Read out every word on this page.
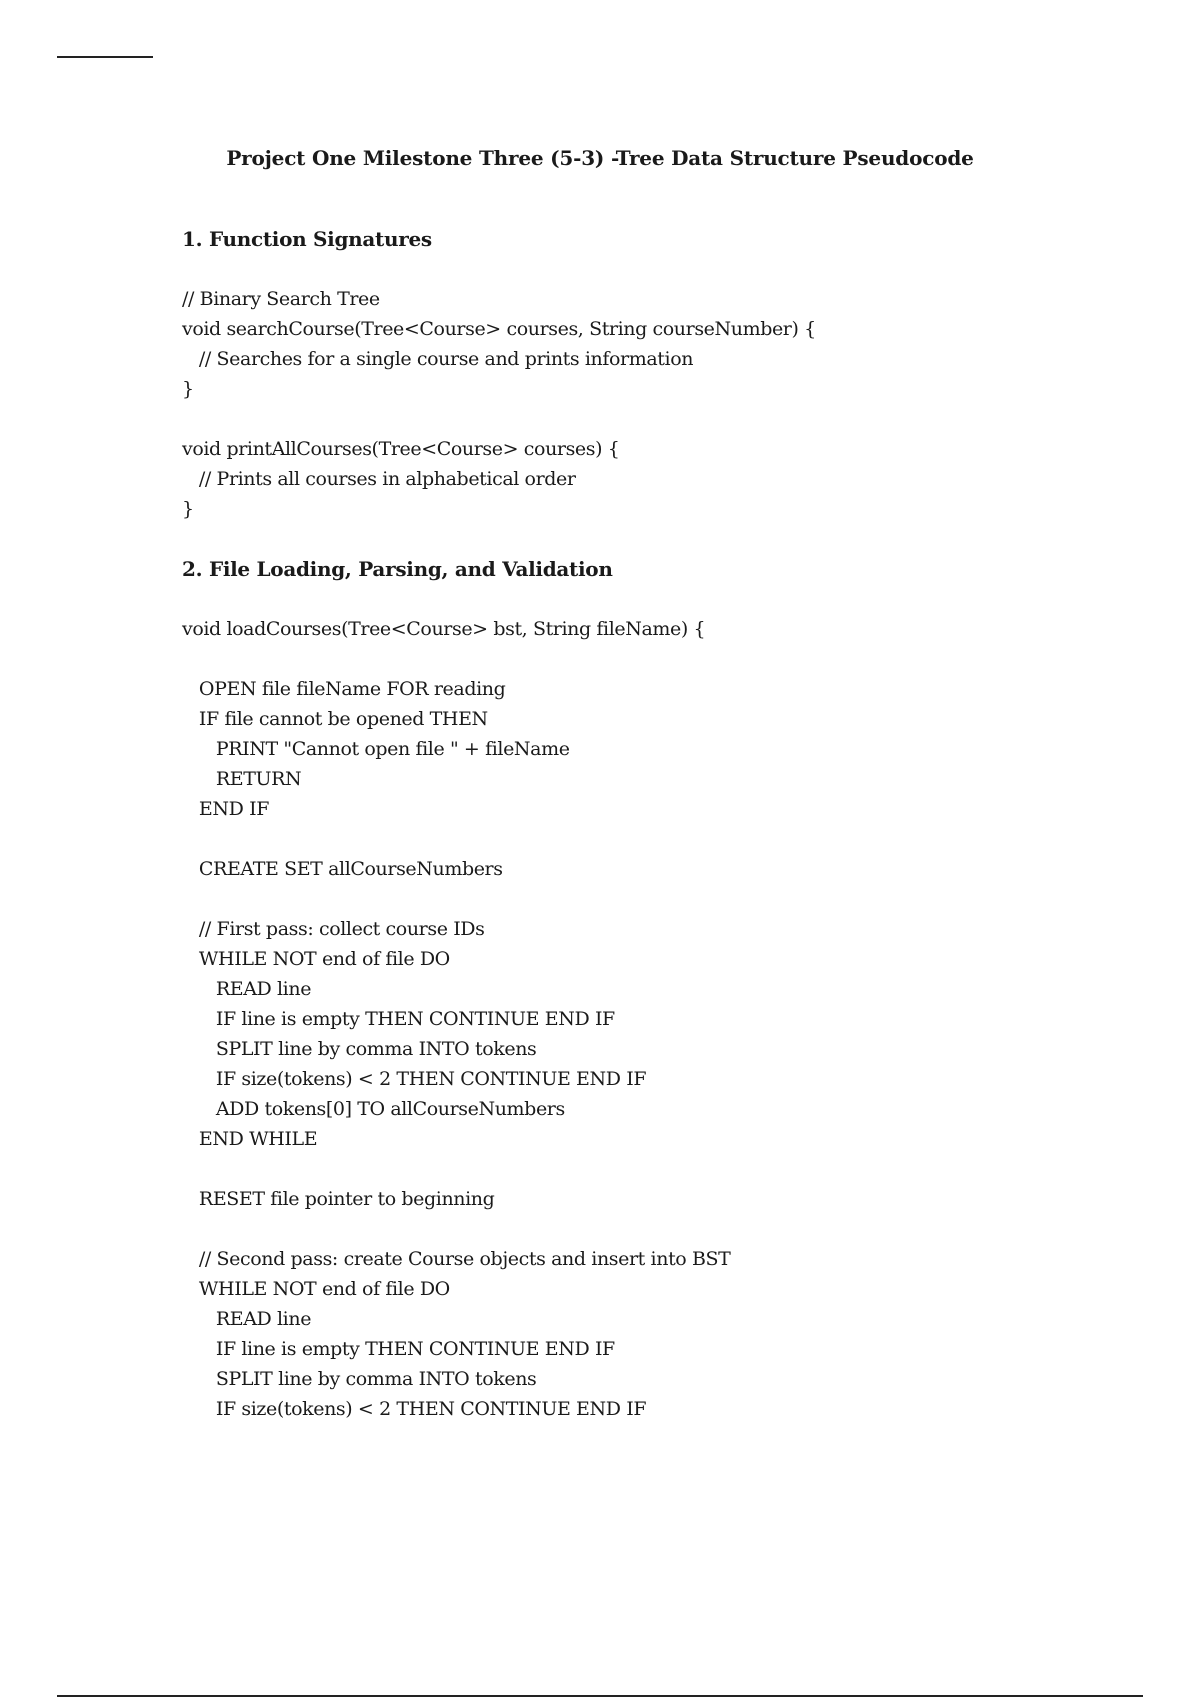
Project One Milestone Three (5-3) -Tree Data Structure Pseudocode

1. Function Signatures

// Binary Search Tree

void searchCourse(Tree<Course> courses, String courseNumber) {

// Searches for a single course and prints information

}

void printAllCourses(Tree<Course> courses) {

// Prints all courses in alphabetical order

}

2. File Loading, Parsing, and Validation

void loadCourses(Tree<Course> bst, String fileName) {

OPEN file fileName FOR reading

IF file cannot be opened THEN

PRINT "Cannot open file " + fileName

RETURN

END IF

CREATE SET allCourseNumbers

// First pass: collect course IDs

WHILE NOT end of file DO

READ line

IF line is empty THEN CONTINUE END IF

SPLIT line by comma INTO tokens

IF size(tokens) < 2 THEN CONTINUE END IF

ADD tokens[0] TO allCourseNumbers

END WHILE

RESET file pointer to beginning

// Second pass: create Course objects and insert into BST

WHILE NOT end of file DO

READ line

IF line is empty THEN CONTINUE END IF

SPLIT line by comma INTO tokens

IF size(tokens) < 2 THEN CONTINUE END IF
